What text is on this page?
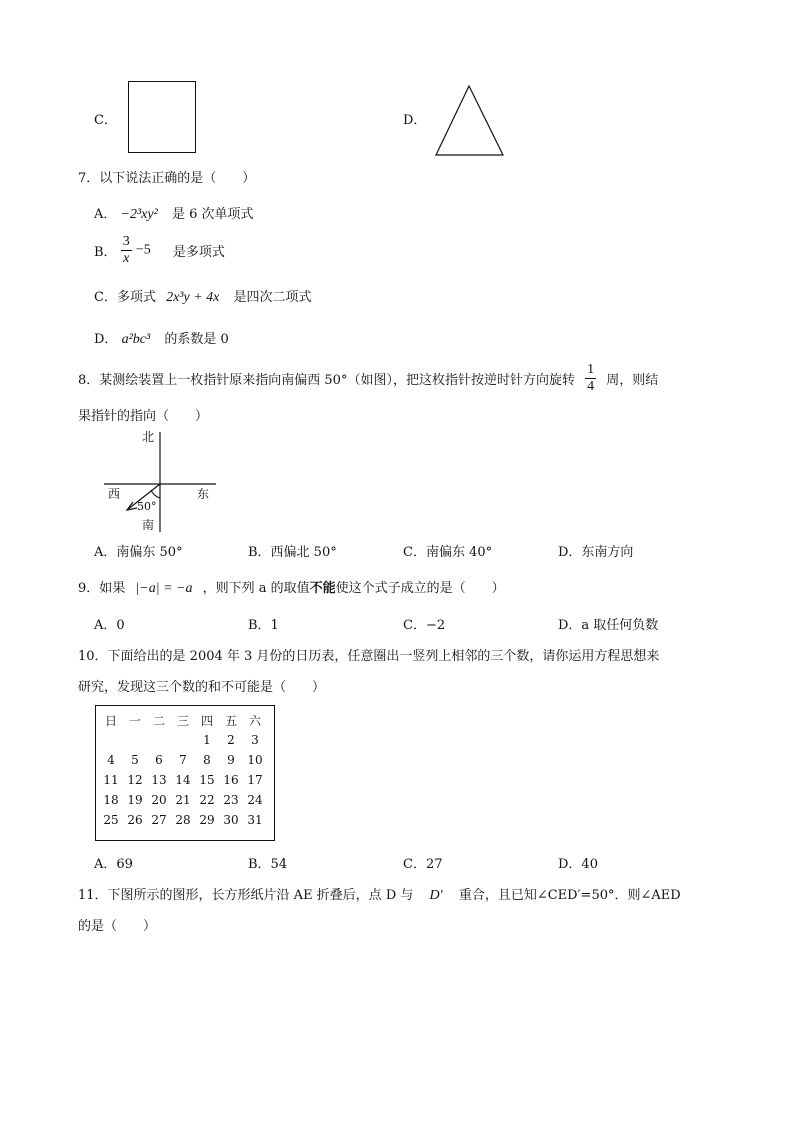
C．	D．
7．以下说法正确的是（　　）
A． −2³xy² 是 6 次单项式
B． $\frac{3}{x} -5$ 是多项式
C．多项式 2x³y + 4x 是四次二项式
D． a²bc³ 的系数是 0
8．某测绘装置上一枚指针原来指向南偏西 50°（如图），把这枚指针按逆时针方向旋转 $\frac{1}{4}$ 周，则结
果指针的指向（　　）
北
西	东
南
50°
A．南偏东 50°	B．西偏北 50°	C．南偏东 40°	D．东南方向
9．如果 |−a| = −a ，则下列 a 的取值不能使这个式子成立的是（　　）
A．0	B．1	C．−2	D．a 取任何负数
10．下面给出的是 2004 年 3 月份的日历表，任意圈出一竖列上相邻的三个数，请你运用方程思想来
研究，发现这三个数的和不可能是（　　）
日	一	二	三	四	五	六
				1	2	3
4	5	6	7	8	9	10
11	12	13	14	15	16	17
18	19	20	21	22	23	24
25	26	27	28	29	30	31
A．69	B．54	C．27	D．40
11．下图所示的图形，长方形纸片沿 AE 折叠后，点 D 与 D′ 重合，且已知∠CED′=50°．则∠AED
的是（　　）
